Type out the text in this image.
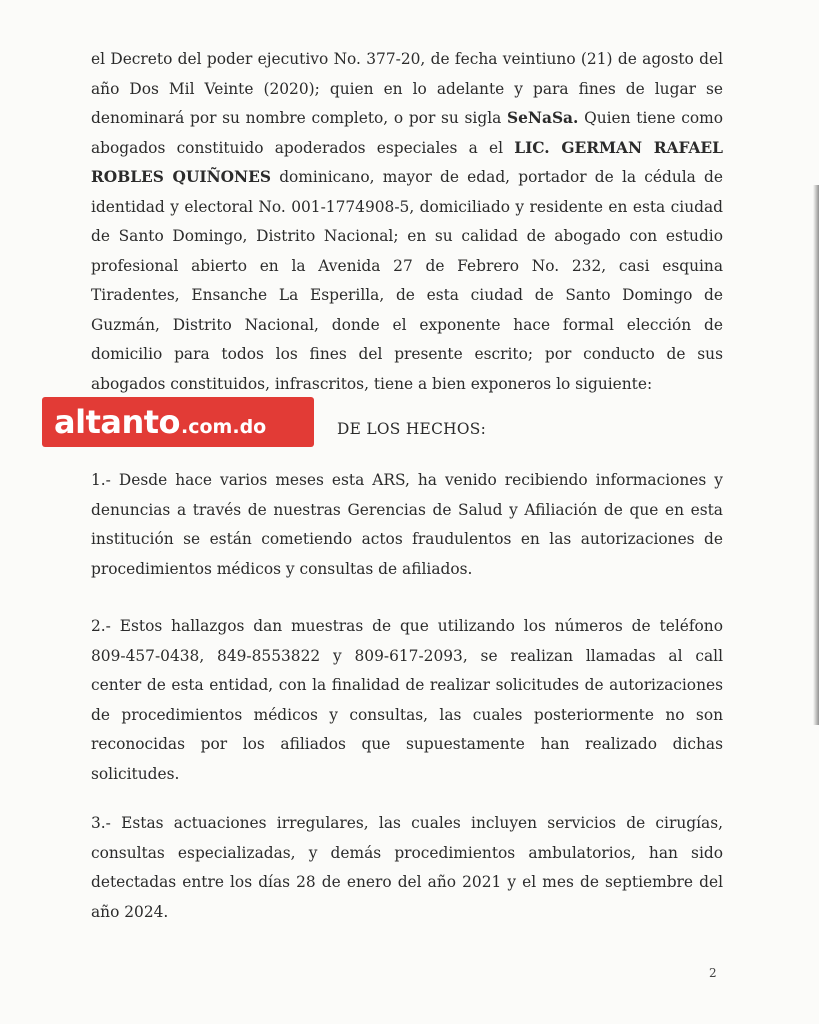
el Decreto del poder ejecutivo No. 377-20, de fecha veintiuno (21) de agosto del
año Dos Mil Veinte (2020); quien en lo adelante y para fines de lugar se
denominará por su nombre completo, o por su sigla SeNaSa. Quien tiene como
abogados constituido apoderados especiales a el LIC. GERMAN RAFAEL
ROBLES QUIÑONES dominicano, mayor de edad, portador de la cédula de
identidad y electoral No. 001-1774908-5, domiciliado y residente en esta ciudad
de Santo Domingo, Distrito Nacional; en su calidad de abogado con estudio
profesional abierto en la Avenida 27 de Febrero No. 232, casi esquina
Tiradentes, Ensanche La Esperilla, de esta ciudad de Santo Domingo de
Guzmán, Distrito Nacional, donde el exponente hace formal elección de
domicilio para todos los fines del presente escrito; por conducto de sus
abogados constituidos, infrascritos, tiene a bien exponeros lo siguiente:
altanto .com.do	DE LOS HECHOS:
1.- Desde hace varios meses esta ARS, ha venido recibiendo informaciones y
denuncias a través de nuestras Gerencias de Salud y Afiliación de que en esta
institución se están cometiendo actos fraudulentos en las autorizaciones de
procedimientos médicos y consultas de afiliados.
2.- Estos hallazgos dan muestras de que utilizando los números de teléfono
809-457-0438, 849-8553822 y 809-617-2093, se realizan llamadas al call
center de esta entidad, con la finalidad de realizar solicitudes de autorizaciones
de procedimientos médicos y consultas, las cuales posteriormente no son
reconocidas por los afiliados que supuestamente han realizado dichas
solicitudes.
3.- Estas actuaciones irregulares, las cuales incluyen servicios de cirugías,
consultas especializadas, y demás procedimientos ambulatorios, han sido
detectadas entre los días 28 de enero del año 2021 y el mes de septiembre del
año 2024.
2
